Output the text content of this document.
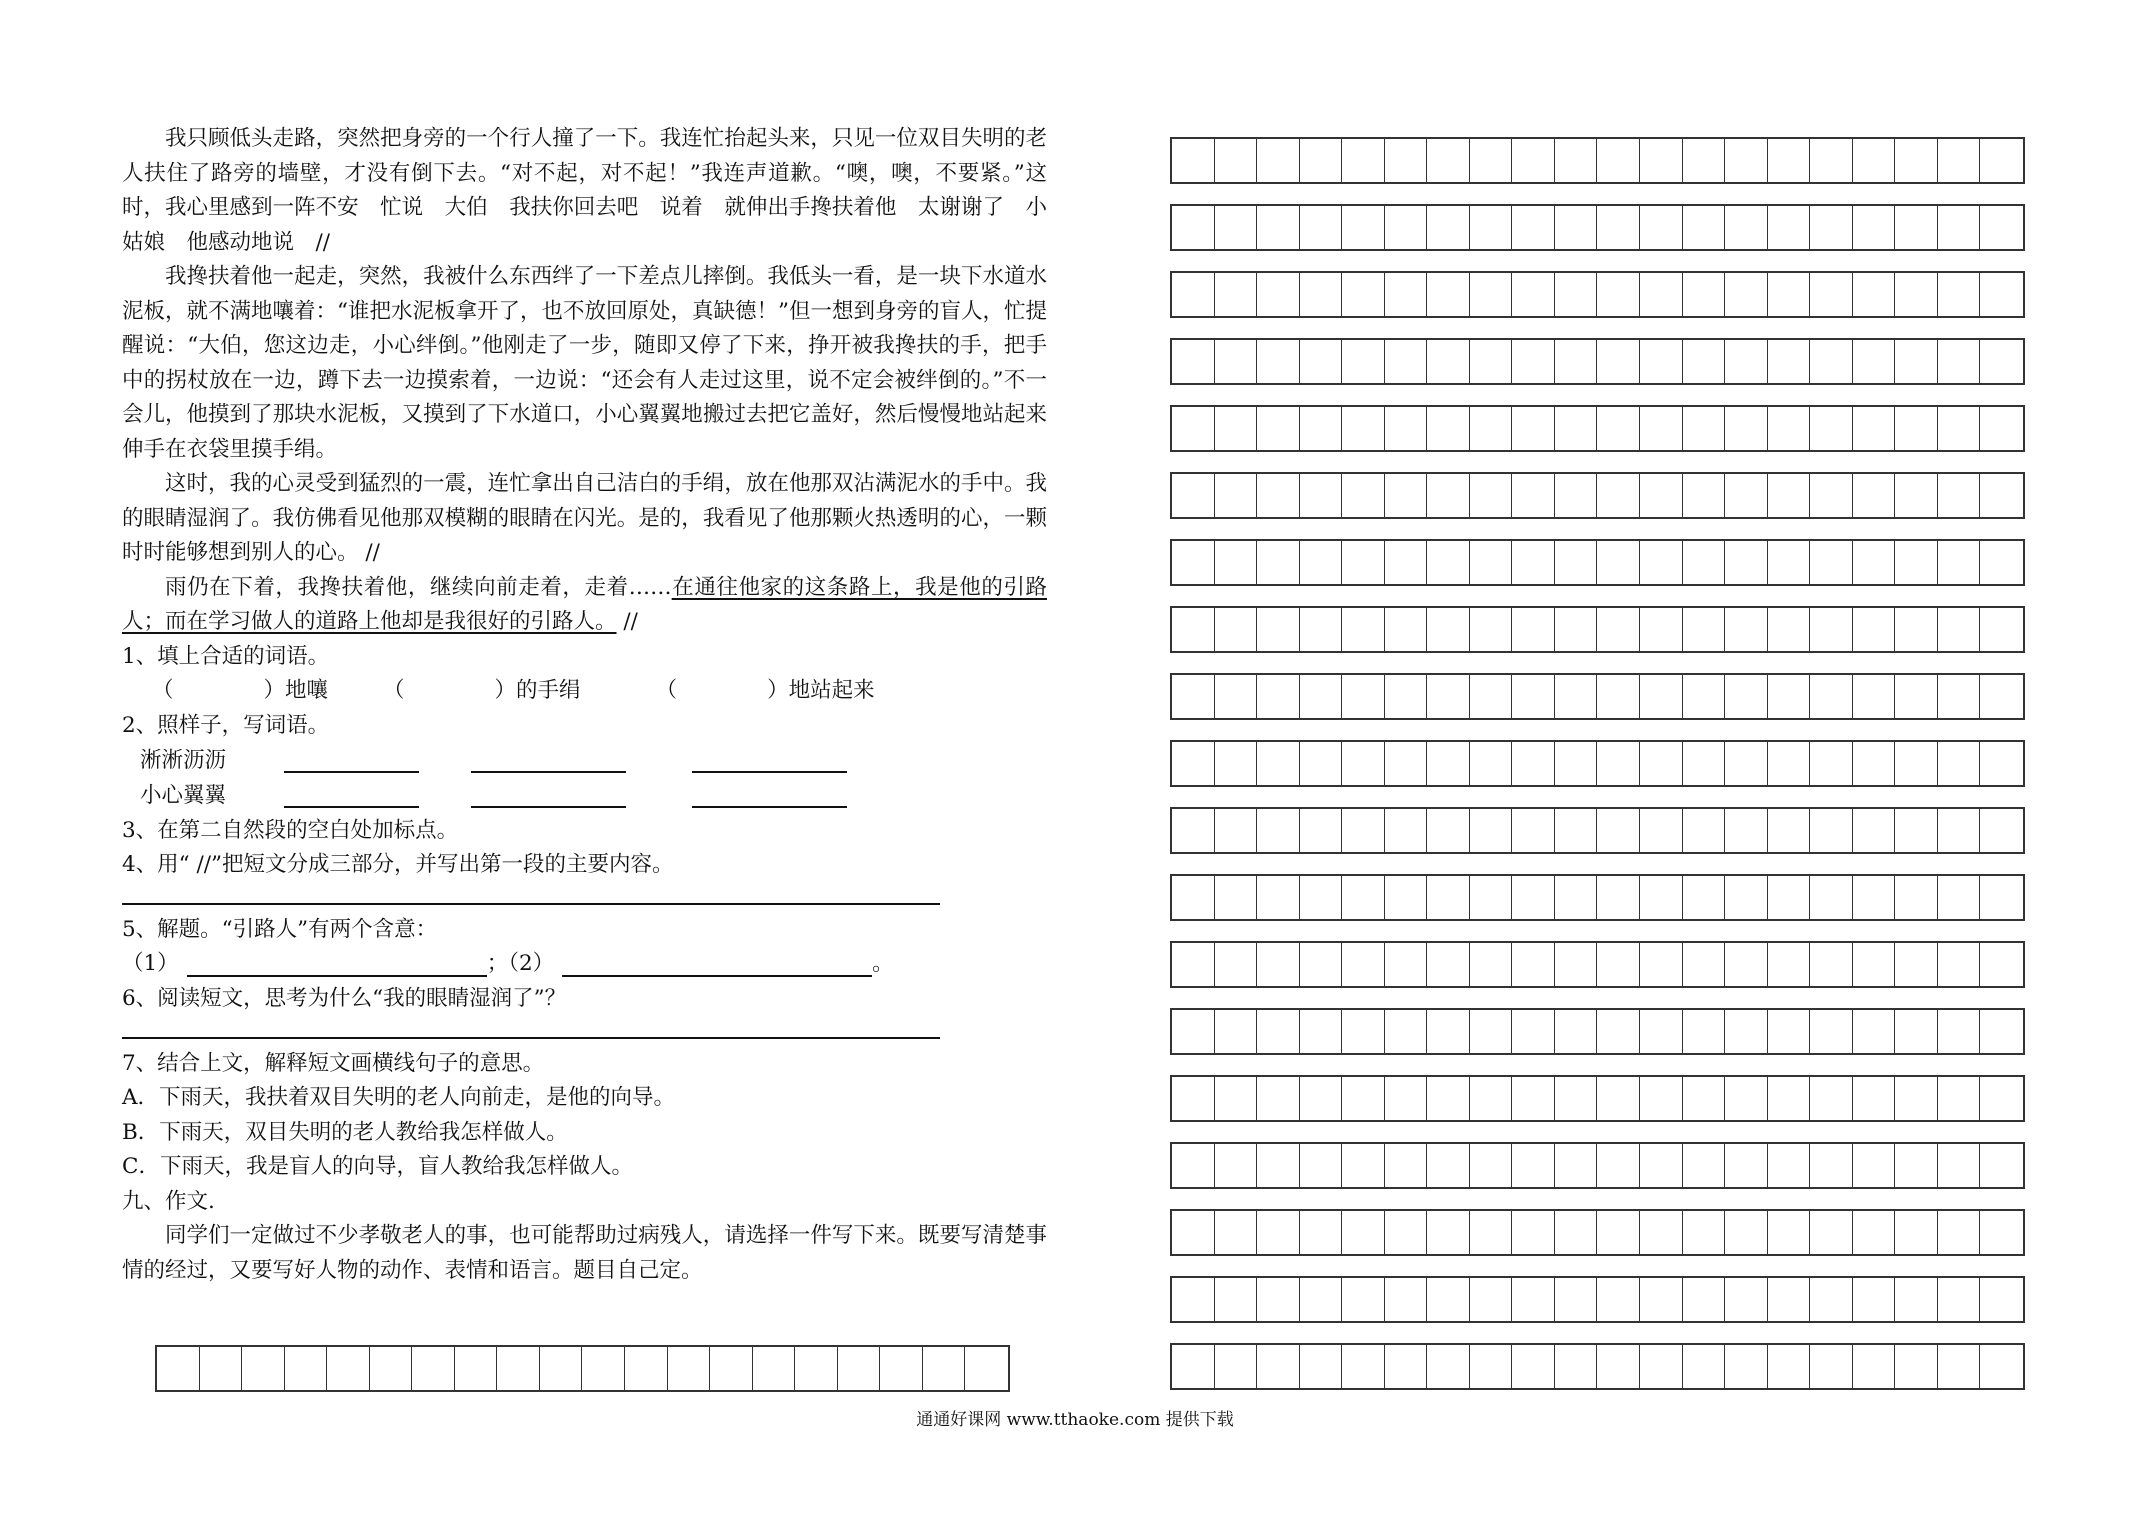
我只顾低头走路，突然把身旁的一个行人撞了一下。我连忙抬起头来，只见一位双目失明的老人扶住了路旁的墙壁，才没有倒下去。“对不起，对不起！”我连声道歉。“噢，噢，不要紧。”这时，我心里感到一阵不安　忙说　大伯　我扶你回去吧　说着　就伸出手搀扶着他　太谢谢了　小姑娘　他感动地说　//

我搀扶着他一起走，突然，我被什么东西绊了一下差点儿摔倒。我低头一看，是一块下水道水泥板，就不满地嚷着：“谁把水泥板拿开了，也不放回原处，真缺德！”但一想到身旁的盲人，忙提醒说：“大伯，您这边走，小心绊倒。”他刚走了一步，随即又停了下来，挣开被我搀扶的手，把手中的拐杖放在一边，蹲下去一边摸索着，一边说：“还会有人走过这里，说不定会被绊倒的。”不一会儿，他摸到了那块水泥板，又摸到了下水道口，小心翼翼地搬过去把它盖好，然后慢慢地站起来伸手在衣袋里摸手绢。

这时，我的心灵受到猛烈的一震，连忙拿出自己洁白的手绢，放在他那双沾满泥水的手中。我的眼睛湿润了。我仿佛看见他那双模糊的眼睛在闪光。是的，我看见了他那颗火热透明的心，一颗时时能够想到别人的心。 //

雨仍在下着，我搀扶着他，继续向前走着，走着……在通往他家的这条路上，我是他的引路人；而在学习做人的道路上他却是我很好的引路人。 //

1、填上合适的词语。

（	）地嚷	（	）的手绢	（	）地站起来

2、照样子，写词语。

淅淅沥沥
小心翼翼

3、在第二自然段的空白处加标点。

4、用“ //”把短文分成三部分，并写出第一段的主要内容。

5、解题。“引路人”有两个含意：

（1）	；（2）	。

6、阅读短文，思考为什么“我的眼睛湿润了”？

7、结合上文，解释短文画横线句子的意思。

A．下雨天，我扶着双目失明的老人向前走，是他的向导。

B．下雨天，双目失明的老人教给我怎样做人。

C．下雨天，我是盲人的向导，盲人教给我怎样做人。

九、作文.

同学们一定做过不少孝敬老人的事，也可能帮助过病残人，请选择一件写下来。既要写清楚事情的经过，又要写好人物的动作、表情和语言。题目自己定。

通通好课网 www.tthaoke.com 提供下载
